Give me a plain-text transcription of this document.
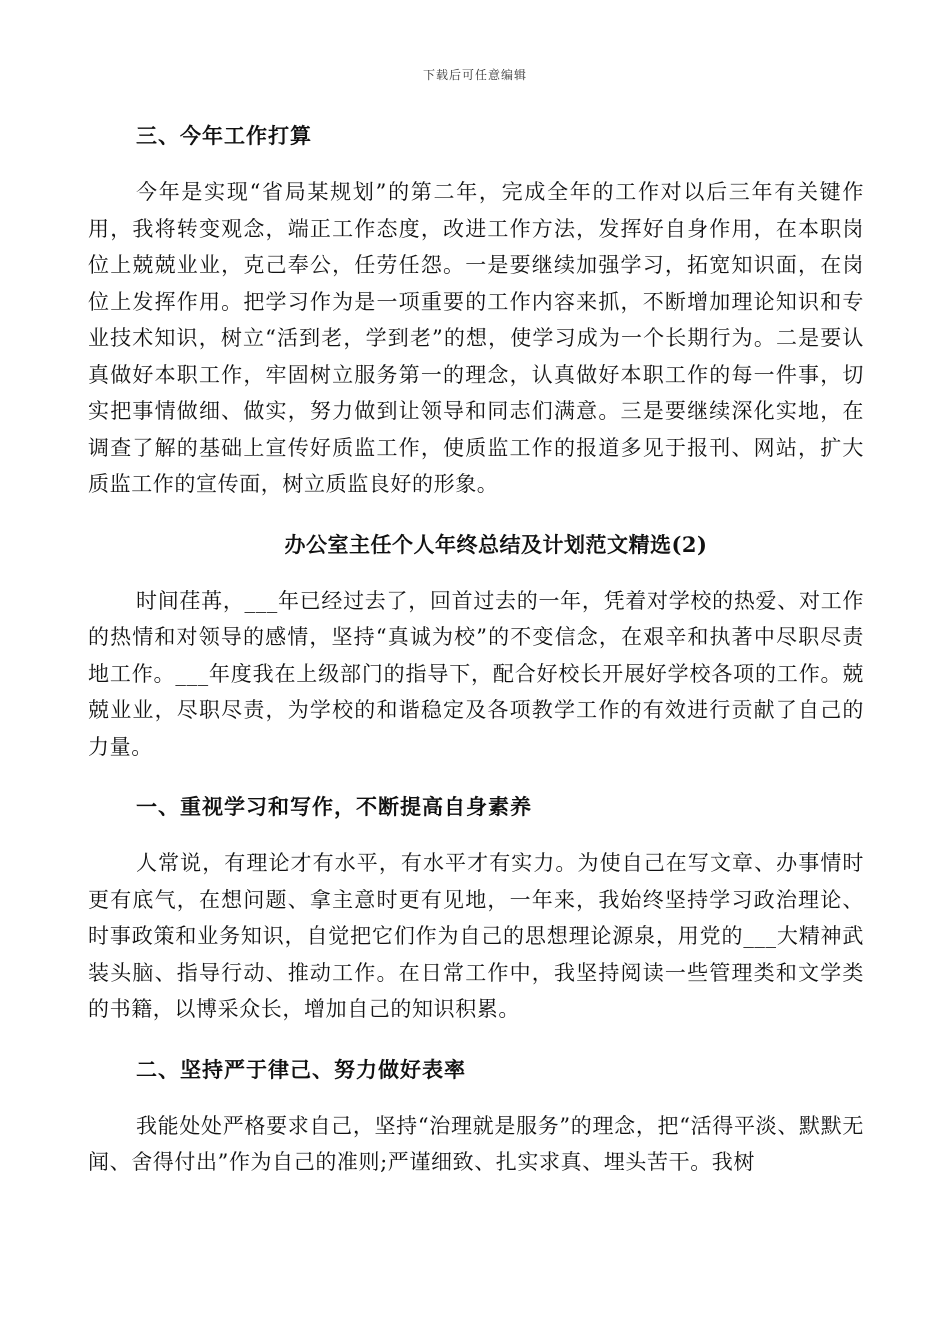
下载后可任意编辑

三、今年工作打算

今年是实现“省局某规划”的第二年，完成全年的工作对以后三年有关键作用，我将转变观念，端正工作态度，改进工作方法，发挥好自身作用，在本职岗位上兢兢业业，克己奉公，任劳任怨。一是要继续加强学习，拓宽知识面，在岗位上发挥作用。把学习作为是一项重要的工作内容来抓，不断增加理论知识和专业技术知识，树立“活到老，学到老”的想，使学习成为一个长期行为。二是要认真做好本职工作，牢固树立服务第一的理念，认真做好本职工作的每一件事，切实把事情做细、做实，努力做到让领导和同志们满意。三是要继续深化实地，在调查了解的基础上宣传好质监工作，使质监工作的报道多见于报刊、网站，扩大质监工作的宣传面，树立质监良好的形象。

办公室主任个人年终总结及计划范文精选(2)

时间荏苒，___年已经过去了，回首过去的一年，凭着对学校的热爱、对工作的热情和对领导的感情，坚持“真诚为校”的不变信念，在艰辛和执著中尽职尽责地工作。___年度我在上级部门的指导下，配合好校长开展好学校各项的工作。兢兢业业，尽职尽责，为学校的和谐稳定及各项教学工作的有效进行贡献了自己的力量。

一、重视学习和写作，不断提高自身素养

人常说，有理论才有水平，有水平才有实力。为使自己在写文章、办事情时更有底气，在想问题、拿主意时更有见地，一年来，我始终坚持学习政治理论、时事政策和业务知识，自觉把它们作为自己的思想理论源泉，用党的___大精神武装头脑、指导行动、推动工作。在日常工作中，我坚持阅读一些管理类和文学类的书籍，以博采众长，增加自己的知识积累。

二、坚持严于律己、努力做好表率

我能处处严格要求自己，坚持“治理就是服务”的理念，把“活得平淡、默默无闻、舍得付出”作为自己的准则;严谨细致、扎实求真、埋头苦干。我树
